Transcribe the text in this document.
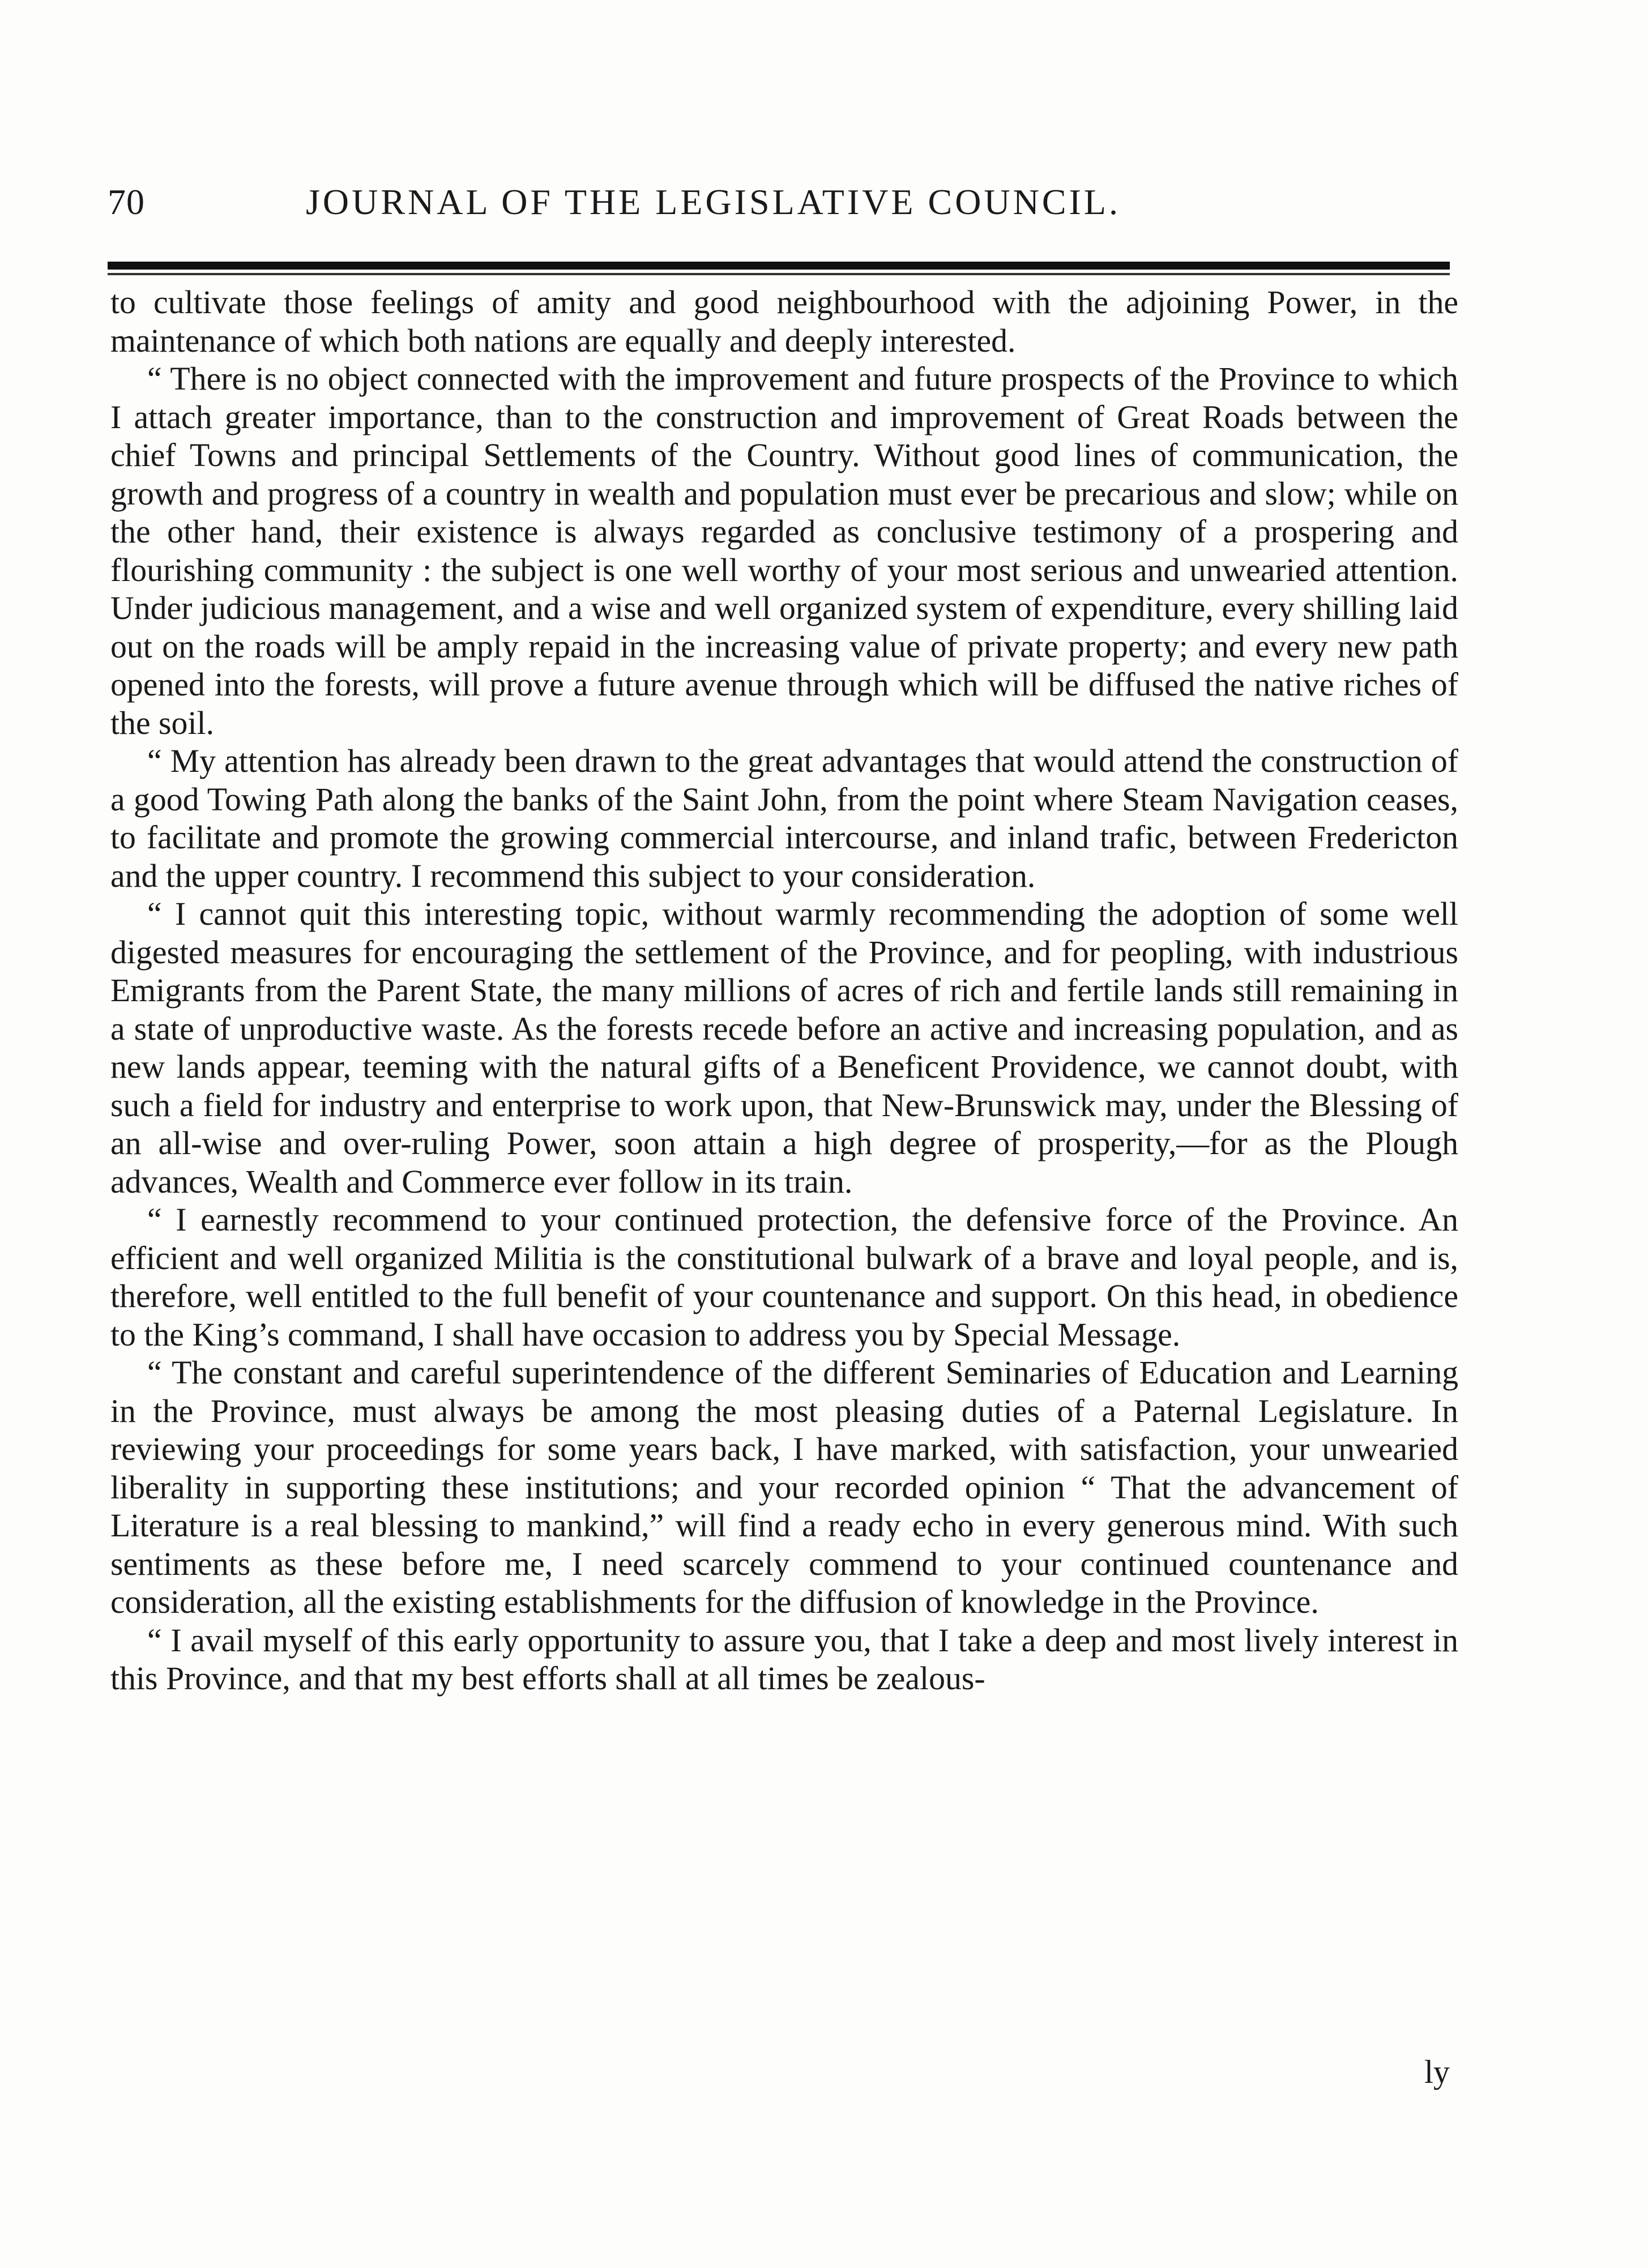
70	JOURNAL OF THE LEGISLATIVE COUNCIL.

to cultivate those feelings of amity and good neighbourhood with the adjoining Power, in the maintenance of which both nations are equally and deeply interested.

“ There is no object connected with the improvement and future prospects of the Province to which I attach greater importance, than to the construction and improvement of Great Roads between the chief Towns and principal Settlements of the Country. Without good lines of communication, the growth and progress of a country in wealth and population must ever be precarious and slow; while on the other hand, their existence is always regarded as conclusive testimony of a prospering and flourishing community : the subject is one well worthy of your most serious and unwearied attention. Under judicious management, and a wise and well organized system of expenditure, every shilling laid out on the roads will be amply repaid in the increasing value of private property; and every new path opened into the forests, will prove a future avenue through which will be diffused the native riches of the soil.

“ My attention has already been drawn to the great advantages that would attend the construction of a good Towing Path along the banks of the Saint John, from the point where Steam Navigation ceases, to facilitate and promote the growing commercial intercourse, and inland trafic, between Fredericton and the upper country. I recommend this subject to your consideration.

“ I cannot quit this interesting topic, without warmly recommending the adoption of some well digested measures for encouraging the settlement of the Province, and for peopling, with industrious Emigrants from the Parent State, the many millions of acres of rich and fertile lands still remaining in a state of unproductive waste. As the forests recede before an active and increasing population, and as new lands appear, teeming with the natural gifts of a Beneficent Providence, we cannot doubt, with such a field for industry and enterprise to work upon, that New-Brunswick may, under the Blessing of an all-wise and over-ruling Power, soon attain a high degree of prosperity,—for as the Plough advances, Wealth and Commerce ever follow in its train.

“ I earnestly recommend to your continued protection, the defensive force of the Province. An efficient and well organized Militia is the constitutional bulwark of a brave and loyal people, and is, therefore, well entitled to the full benefit of your countenance and support. On this head, in obedience to the King’s command, I shall have occasion to address you by Special Message.

“ The constant and careful superintendence of the different Seminaries of Education and Learning in the Province, must always be among the most pleasing duties of a Paternal Legislature. In reviewing your proceedings for some years back, I have marked, with satisfaction, your unwearied liberality in supporting these institutions; and your recorded opinion “ That the advancement of Literature is a real blessing to mankind,” will find a ready echo in every generous mind. With such sentiments as these before me, I need scarcely commend to your continued countenance and consideration, all the existing establishments for the diffusion of knowledge in the Province.

“ I avail myself of this early opportunity to assure you, that I take a deep and most lively interest in this Province, and that my best efforts shall at all times be zealous-

ly
